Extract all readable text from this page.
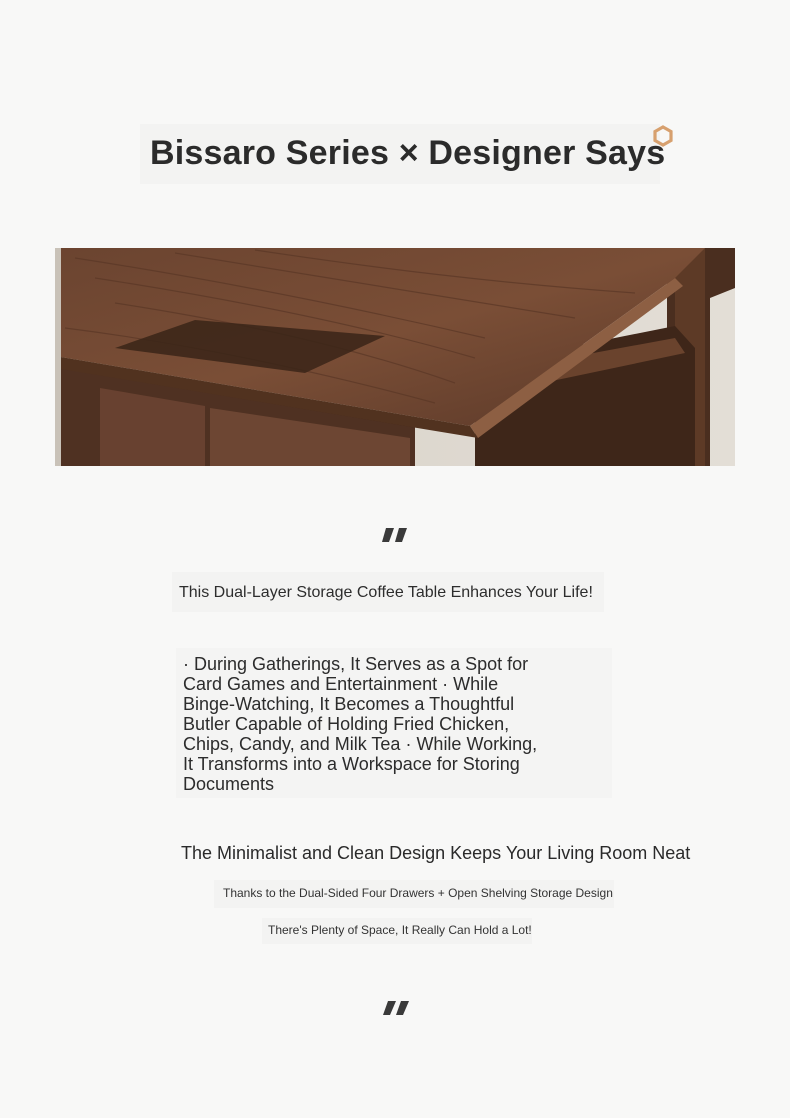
Bissaro Series × Designer Says
This Dual-Layer Storage Coffee Table Enhances Your Life!
· During Gatherings, It Serves as a Spot for Card Games and Entertainment · While Binge-Watching, It Becomes a Thoughtful Butler Capable of Holding Fried Chicken, Chips, Candy, and Milk Tea · While Working, It Transforms into a Workspace for Storing Documents
The Minimalist and Clean Design Keeps Your Living Room Neat
Thanks to the Dual-Sided Four Drawers + Open Shelving Storage Design
There's Plenty of Space, It Really Can Hold a Lot!
